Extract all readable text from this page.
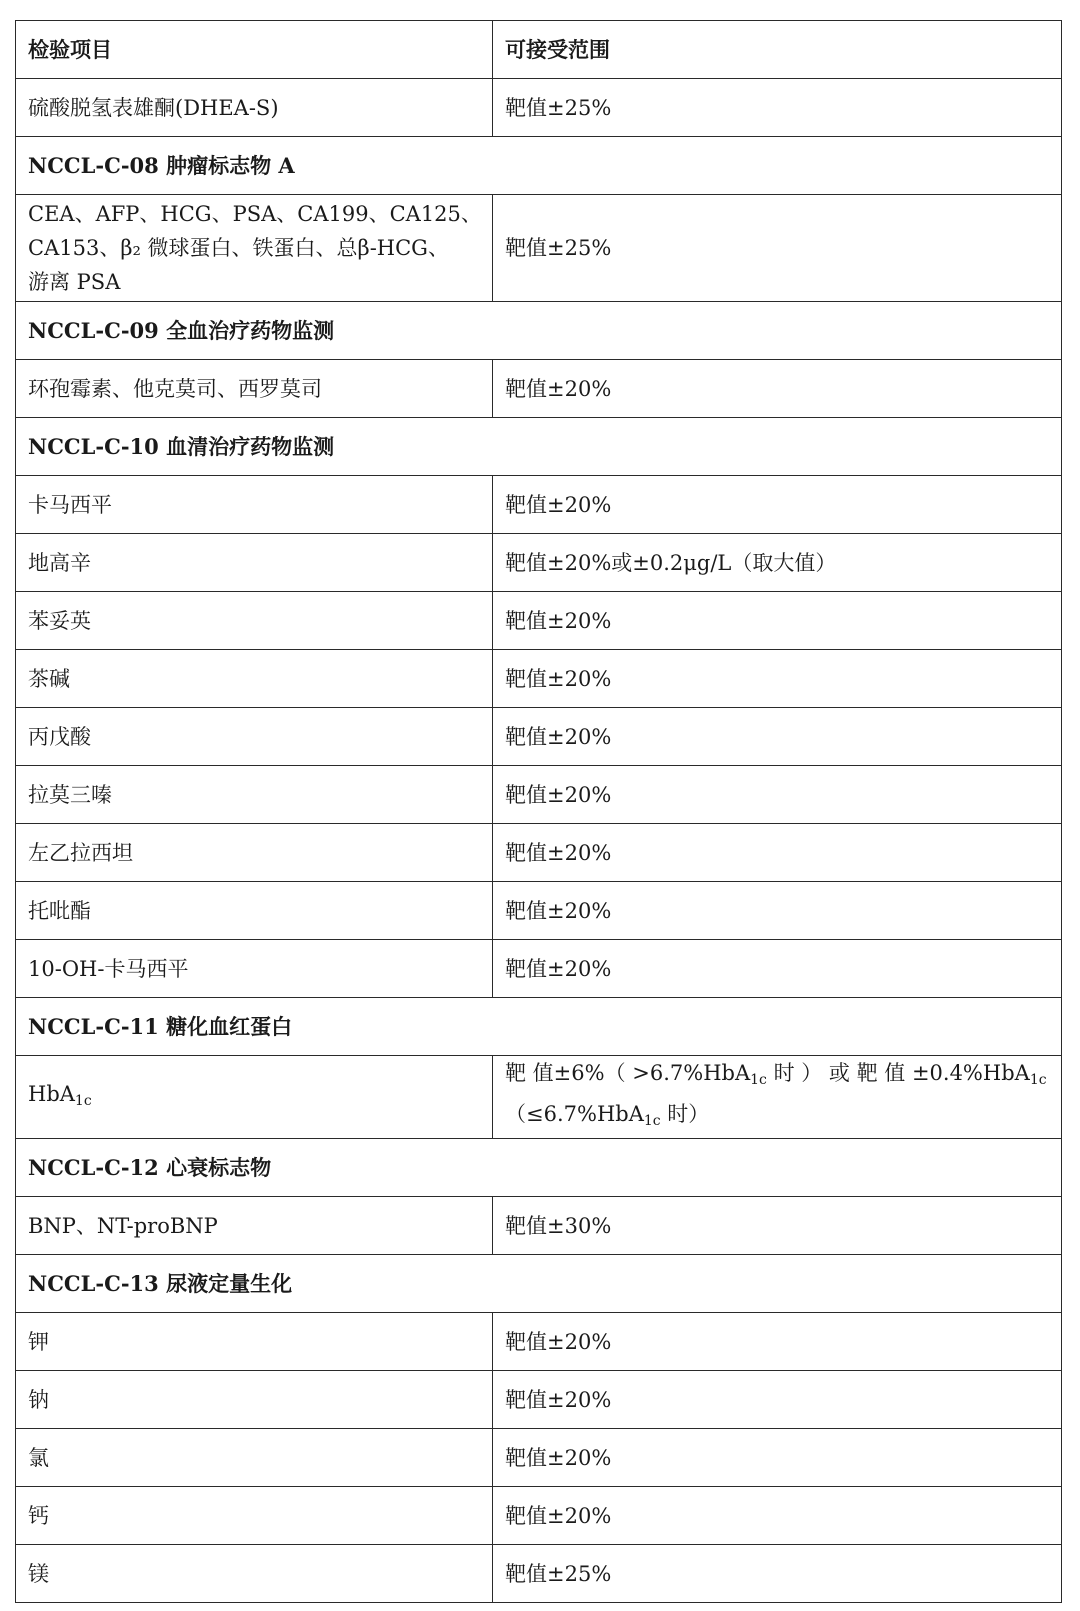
检验项目	可接受范围
硫酸脱氢表雄酮(DHEA-S)	靶值±25%
NCCL-C-08 肿瘤标志物 A	

CEA、AFP、HCG、PSA、CA199、CA125、
CA153、β₂ 微球蛋白、铁蛋白、总β-HCG、
游离 PSA	靶值±25%
NCCL-C-09 全血治疗药物监测	
环孢霉素、他克莫司、西罗莫司	靶值±20%
NCCL-C-10 血清治疗药物监测	
卡马西平	靶值±20%
地高辛	靶值±20%或±0.2μg/L（取大值）
苯妥英	靶值±20%
茶碱	靶值±20%
丙戊酸	靶值±20%
拉莫三嗪	靶值±20%
左乙拉西坦	靶值±20%
托吡酯	靶值±20%
10-OH-卡马西平	靶值±20%
NCCL-C-11 糖化血红蛋白	
HbA$_{1c}$	靶 值±6%（ >6.7%HbA$_{1c}$ 时 ） 或 靶 值 ±0.4%HbA$_{1c}$
（≤6.7%HbA$_{1c}$ 时）

NCCL-C-12 心衰标志物	
BNP、NT-proBNP	靶值±30%
NCCL-C-13 尿液定量生化	
钾	靶值±20%
钠	靶值±20%
氯	靶值±20%
钙	靶值±20%
镁	靶值±25%
